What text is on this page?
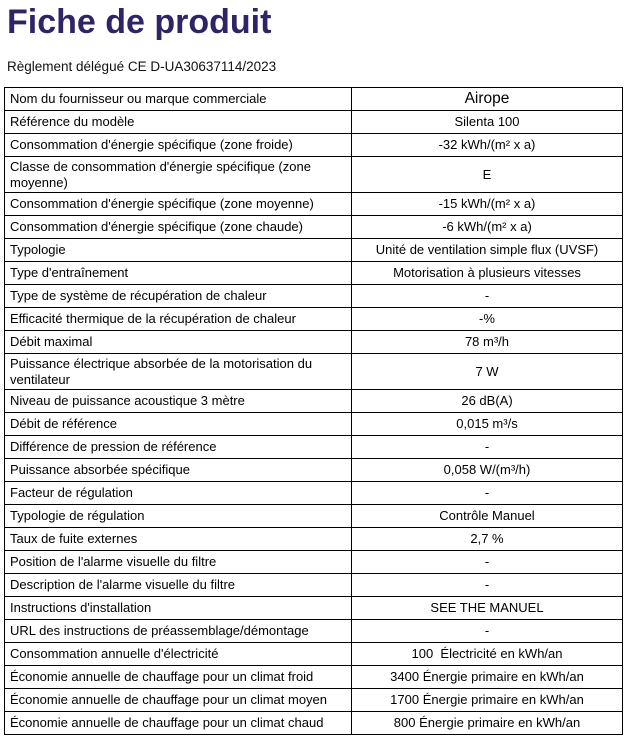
Fiche de produit
Règlement délégué CE D-UA30637114/2023
Nom du fournisseur ou marque commerciale	Airope
Référence du modèle	Silenta 100
Consommation d'énergie spécifique (zone froide)	-32 kWh/(m² x a)
Classe de consommation d'énergie spécifique (zone moyenne)	E
Consommation d'énergie spécifique (zone moyenne)	-15 kWh/(m² x a)
Consommation d'énergie spécifique (zone chaude)	-6 kWh/(m² x a)
Typologie	Unité de ventilation simple flux (UVSF)
Type d'entraînement	Motorisation à plusieurs vitesses
Type de système de récupération de chaleur	-
Efficacité thermique de la récupération de chaleur	-%
Débit maximal	78 m³/h
Puissance électrique absorbée de la motorisation du ventilateur	7 W
Niveau de puissance acoustique 3 mètre	26 dB(A)
Débit de référence	0,015 m³/s
Différence de pression de référence	-
Puissance absorbée spécifique	0,058 W/(m³/h)
Facteur de régulation	-
Typologie de régulation	Contrôle Manuel
Taux de fuite externes	2,7 %
Position de l'alarme visuelle du filtre	-
Description de l'alarme visuelle du filtre	-
Instructions d'installation	SEE THE MANUEL
URL des instructions de préassemblage/démontage	-
Consommation annuelle d'électricité	100  Électricité en kWh/an
Économie annuelle de chauffage pour un climat froid	3400 Énergie primaire en kWh/an
Économie annuelle de chauffage pour un climat moyen	1700 Énergie primaire en kWh/an
Économie annuelle de chauffage pour un climat chaud	800 Énergie primaire en kWh/an
